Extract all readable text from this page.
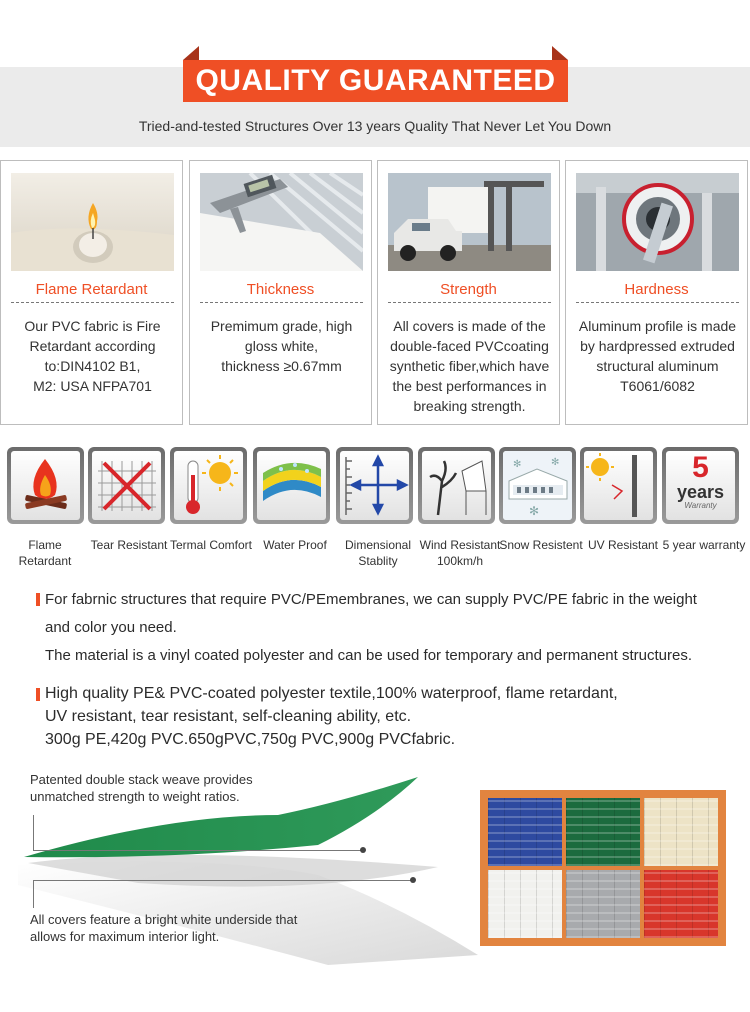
QUALITY GUARANTEED
Tried-and-tested Structures Over 13 years Quality That Never Let You Down
Flame Retardant
Our PVC fabric is Fire
Retardant according
to:DIN4102 B1,
M2: USA NFPA701
Thickness
Premimum grade, high
gloss white,
thickness ≥0.67mm
Strength
All covers is made of the
double-faced PVCcoating
synthetic fiber,which have
the best performances in
breaking strength.
Hardness
Aluminum profile is made
by hardpressed extruded
structural aluminum
T6061/6082
✻	✻
✻
5
years
Warranty
Flame
Retardant
Tear Resistant Termal Comfort Water Proof	Dimensional
Stablity
Wind Resistant
100km/h
Snow Resistent UV Resistant 5 year warranty
For fabrnic structures that require PVC/PEmembranes, we can supply PVC/PE fabric in the weight
and color you need.
The material is a vinyl coated polyester and can be used for temporary and permanent structures.
High quality PE& PVC-coated polyester textile,100% waterproof, flame retardant,
UV resistant, tear resistant, self-cleaning ability, etc.
300g PE,420g PVC.650gPVC,750g PVC,900g PVCfabric.
Patented double stack weave provides
unmatched strength to weight ratios.
All covers feature a bright white underside that
allows for maximum interior light.
